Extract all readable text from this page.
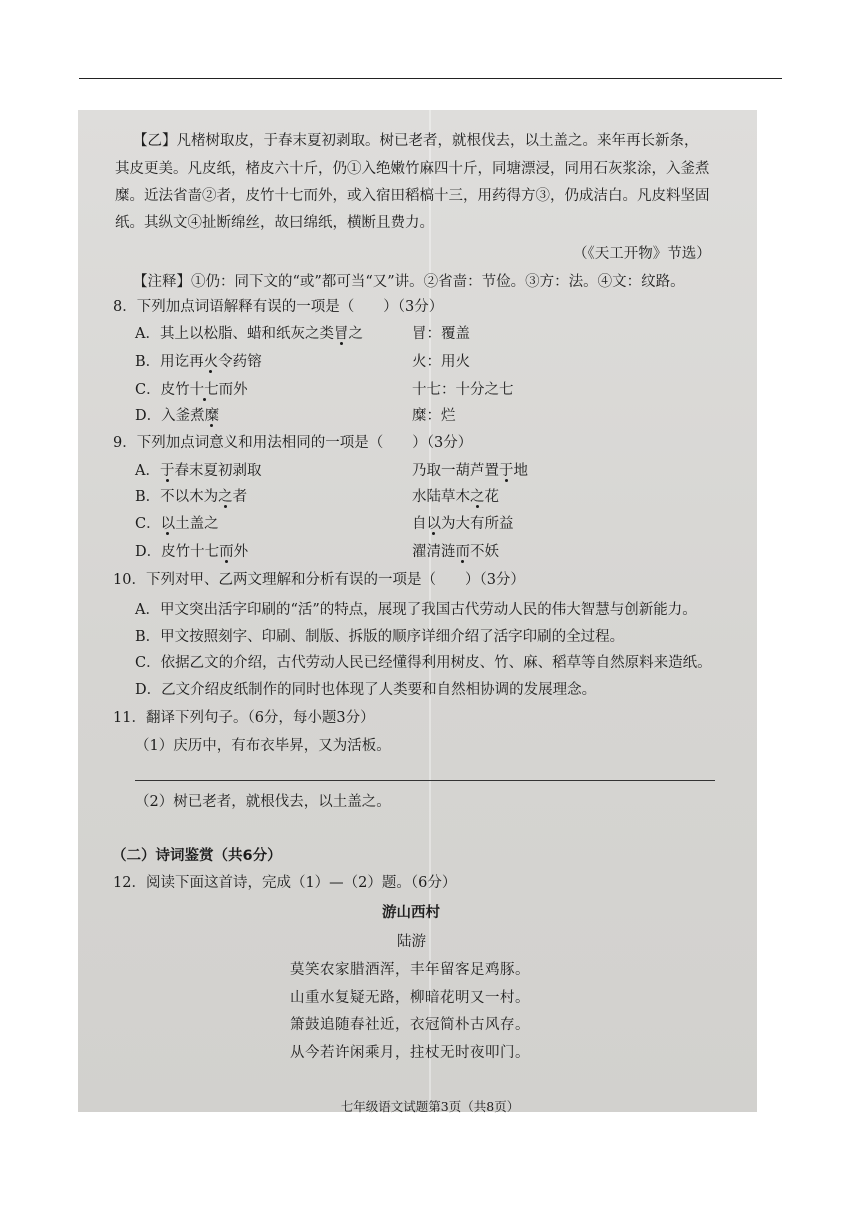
【乙】凡楮树取皮，于春末夏初剥取。树已老者，就根伐去，以土盖之。来年再长新条，
其皮更美。凡皮纸，楮皮六十斤，仍①入绝嫩竹麻四十斤，同塘漂浸，同用石灰浆涂，入釜煮
糜。近法省啬②者，皮竹十七而外，或入宿田稻槁十三，用药得方③，仍成洁白。凡皮料坚固
纸。其纵文④扯断绵丝，故曰绵纸，横断且费力。
（《天工开物》节选）
【注释】①仍：同下文的“或”都可当“又”讲。②省啬：节俭。③方：法。④文：纹路。
8．下列加点词语解释有误的一项是（　　）（3分）
A．其上以松脂、蜡和纸灰之类冒之	冒：覆盖
B．用讫再火令药镕	火：用火
C．皮竹十七而外	十七：十分之七
D．入釜煮糜	糜：烂
9．下列加点词意义和用法相同的一项是（　　）（3分）
A．于春末夏初剥取	乃取一葫芦置于地
B．不以木为之者	水陆草木之花
C．以土盖之	自以为大有所益
D．皮竹十七而外	濯清涟而不妖
10．下列对甲、乙两文理解和分析有误的一项是（　　）（3分）
A．甲文突出活字印刷的“活”的特点，展现了我国古代劳动人民的伟大智慧与创新能力。
B．甲文按照刻字、印刷、制版、拆版的顺序详细介绍了活字印刷的全过程。
C．依据乙文的介绍，古代劳动人民已经懂得利用树皮、竹、麻、稻草等自然原料来造纸。
D．乙文介绍皮纸制作的同时也体现了人类要和自然相协调的发展理念。
11．翻译下列句子。（6分，每小题3分）
（1）庆历中，有布衣毕昇，又为活板。
（2）树已老者，就根伐去，以土盖之。
（二）诗词鉴赏（共6分）
12．阅读下面这首诗，完成（1）—（2）题。（6分）
游山西村
陆游
莫笑农家腊酒浑，丰年留客足鸡豚。
山重水复疑无路，柳暗花明又一村。
箫鼓追随春社近，衣冠简朴古风存。
从今若许闲乘月，拄杖无时夜叩门。
七年级语文试题第3页（共8页）
